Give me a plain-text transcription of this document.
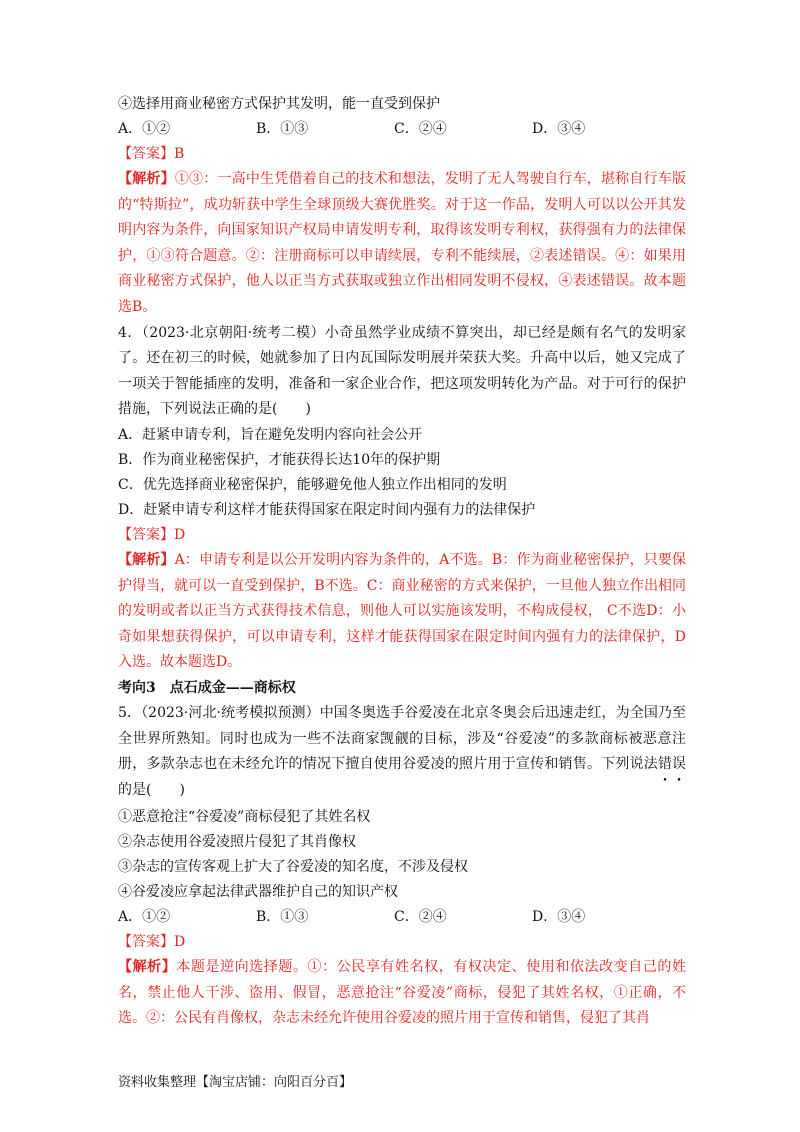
④选择用商业秘密方式保护其发明，能一直受到保护
A．①②	B．①③	C．②④	D．③④
【答案】B
【解析】①③：一高中生凭借着自己的技术和想法，发明了无人驾驶自行车，堪称自行车版的“特斯拉”，成功斩获中学生全球顶级大赛优胜奖。对于这一作品，发明人可以以公开其发明内容为条件，向国家知识产权局申请发明专利，取得该发明专利权，获得强有力的法律保护，①③符合题意。②：注册商标可以申请续展，专利不能续展，②表述错误。④：如果用商业秘密方式保护，他人以正当方式获取或独立作出相同发明不侵权，④表述错误。故本题选B。
4．（2023·北京朝阳·统考二模）小奇虽然学业成绩不算突出，却已经是颇有名气的发明家了。还在初三的时候，她就参加了日内瓦国际发明展并荣获大奖。升高中以后，她又完成了一项关于智能插座的发明，准备和一家企业合作，把这项发明转化为产品。对于可行的保护措施，下列说法正确的是(　　)
A．赶紧申请专利，旨在避免发明内容向社会公开
B．作为商业秘密保护，才能获得长达10年的保护期
C．优先选择商业秘密保护，能够避免他人独立作出相同的发明
D．赶紧申请专利这样才能获得国家在限定时间内强有力的法律保护
【答案】D
【解析】A：申请专利是以公开发明内容为条件的，A不选。B：作为商业秘密保护，只要保护得当，就可以一直受到保护，B不选。C：商业秘密的方式来保护，一旦他人独立作出相同的发明或者以正当方式获得技术信息，则他人可以实施该发明，不构成侵权， C不选D：小奇如果想获得保护，可以申请专利，这样才能获得国家在限定时间内强有力的法律保护，D入选。故本题选D。
考向3　点石成金——商标权
5．（2023·河北·统考模拟预测）中国冬奥选手谷爱凌在北京冬奥会后迅速走红，为全国乃至全世界所熟知。同时也成为一些不法商家觊觎的目标，涉及“谷爱凌”的多款商标被恶意注册，多款杂志也在未经允许的情况下擅自使用谷爱凌的照片用于宣传和销售。下列说法错误
• •
的是(　　)
①恶意抢注“谷爱凌”商标侵犯了其姓名权
②杂志使用谷爱凌照片侵犯了其肖像权
③杂志的宣传客观上扩大了谷爱凌的知名度，不涉及侵权
④谷爱凌应拿起法律武器维护自己的知识产权
A．①②	B．①③	C．②④	D．③④
【答案】D
【解析】本题是逆向选择题。①：公民享有姓名权，有权决定、使用和依法改变自己的姓名，禁止他人干涉、盗用、假冒，恶意抢注“谷爱凌”商标，侵犯了其姓名权，①正确，不选。②：公民有肖像权，杂志未经允许使用谷爱凌的照片用于宣传和销售，侵犯了其肖
资料收集整理【淘宝店铺：向阳百分百】
